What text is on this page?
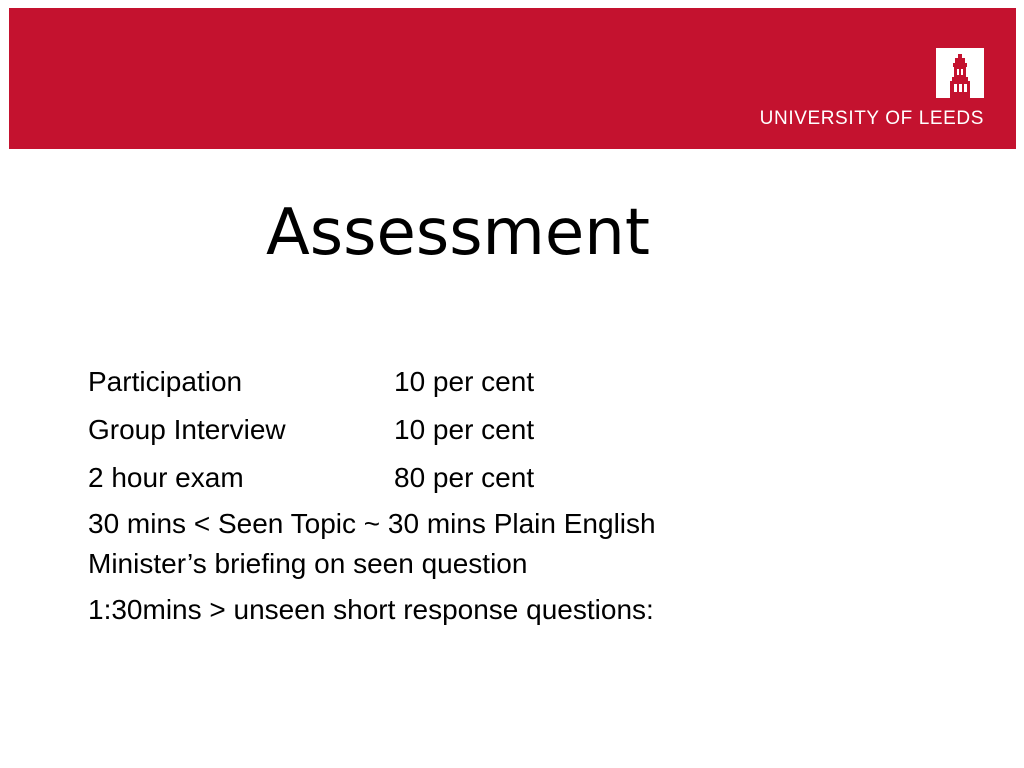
UNIVERSITY OF LEEDS
Assessment
Participation	10 per cent
Group Interview	10 per cent
2 hour exam	80 per cent
30 mins < Seen Topic ~ 30 mins Plain English
Minister’s briefing on seen question
1:30mins > unseen short response questions:
